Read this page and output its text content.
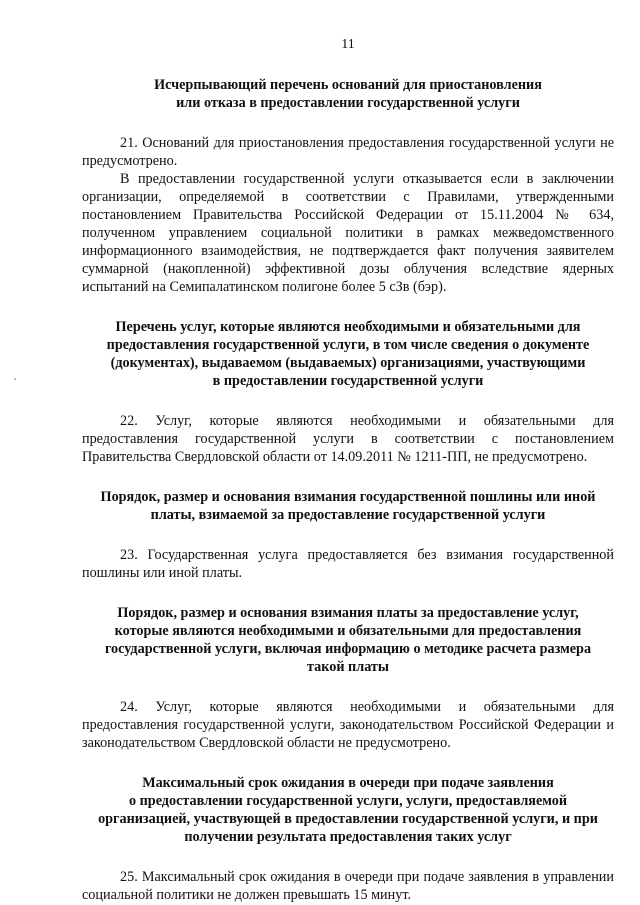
11
Исчерпывающий перечень оснований для приостановления
или отказа в предоставлении государственной услуги

21. Оснований для приостановления предоставления государственной услуги не предусмотрено.

В предоставлении государственной услуги отказывается если в заключении организации, определяемой в соответствии с Правилами, утвержденными постановлением Правительства Российской Федерации от 15.11.2004 № 634, полученном управлением социальной политики в рамках межведомственного информационного взаимодействия, не подтверждается факт получения заявителем суммарной (накопленной) эффективной дозы облучения вследствие ядерных испытаний на Семипалатинском полигоне более 5 сЗв (бэр).

Перечень услуг, которые являются необходимыми и обязательными для
предоставления государственной услуги, в том числе сведения о документе
(документах), выдаваемом (выдаваемых) организациями, участвующими
в предоставлении государственной услуги

22. Услуг, которые являются необходимыми и обязательными для предоставления государственной услуги в соответствии с постановлением Правительства Свердловской области от 14.09.2011 № 1211-ПП, не предусмотрено.

Порядок, размер и основания взимания государственной пошлины или иной
платы, взимаемой за предоставление государственной услуги

23. Государственная услуга предоставляется без взимания государственной пошлины или иной платы.

Порядок, размер и основания взимания платы за предоставление услуг,
которые являются необходимыми и обязательными для предоставления
государственной услуги, включая информацию о методике расчета размера
такой платы

24. Услуг, которые являются необходимыми и обязательными для предоставления государственной услуги, законодательством Российской Федерации и законодательством Свердловской области не предусмотрено.

Максимальный срок ожидания в очереди при подаче заявления
о предоставлении государственной услуги, услуги, предоставляемой
организацией, участвующей в предоставлении государственной услуги, и при
получении результата предоставления таких услуг

25. Максимальный срок ожидания в очереди при подаче заявления в управлении социальной политики не должен превышать 15 минут.
